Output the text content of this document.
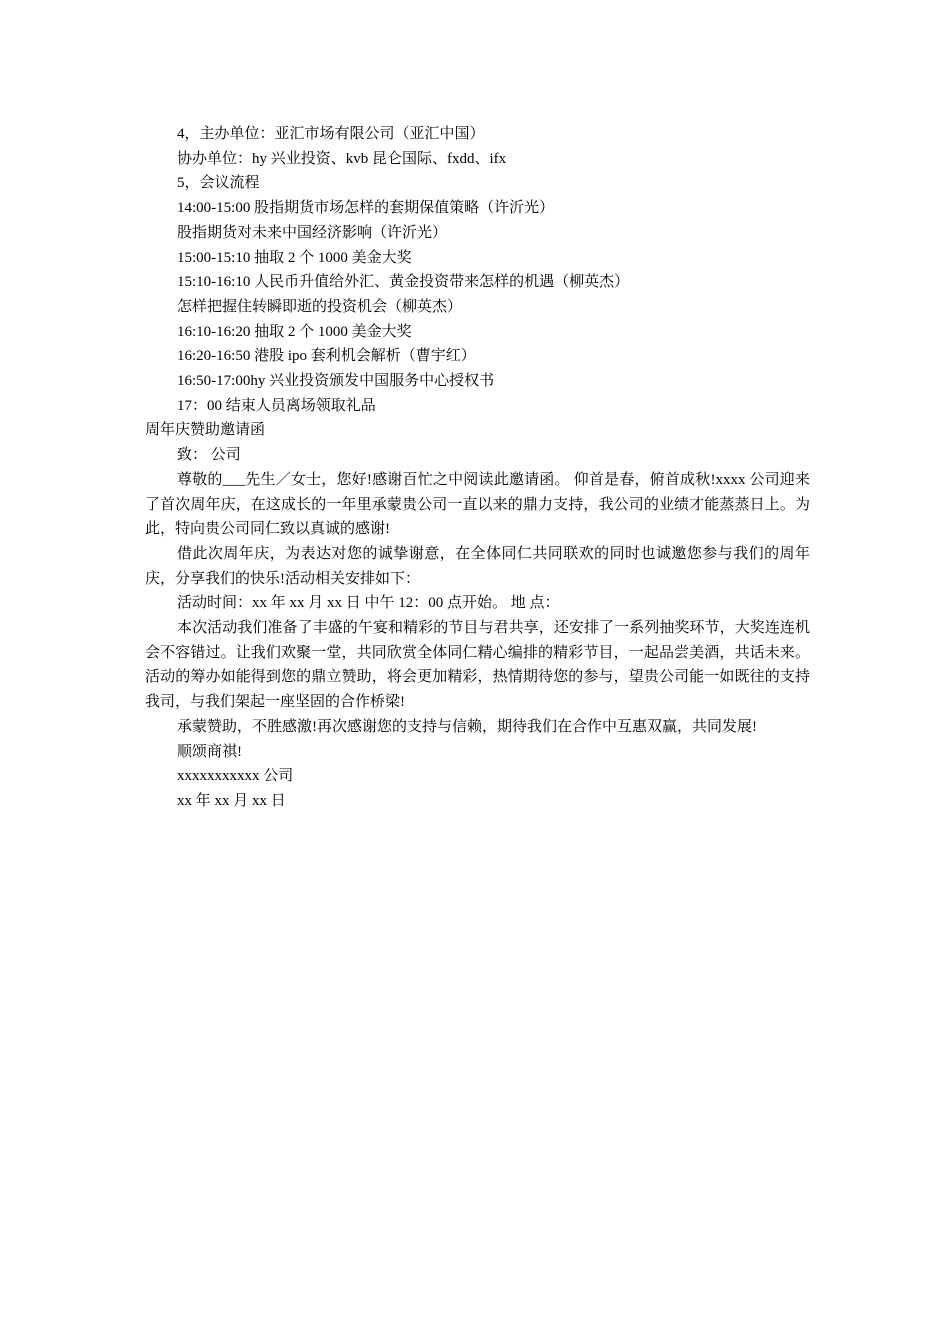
4，主办单位：亚汇市场有限公司（亚汇中国）

协办单位：hy 兴业投资、kvb 昆仑国际、fxdd、ifx

5，会议流程

14:00-15:00 股指期货市场怎样的套期保值策略（许沂光）

股指期货对未来中国经济影响（许沂光）

15:00-15:10 抽取 2 个 1000 美金大奖

15:10-16:10 人民币升值给外汇、黄金投资带来怎样的机遇（柳英杰）

怎样把握住转瞬即逝的投资机会（柳英杰）

16:10-16:20 抽取 2 个 1000 美金大奖

16:20-16:50 港股 ipo 套利机会解析（曹宇红）

16:50-17:00hy 兴业投资颁发中国服务中心授权书

17：00 结束人员离场领取礼品

周年庆赞助邀请函

致： 公司

尊敬的___先生／女士，您好!感谢百忙之中阅读此邀请函。 仰首是春，俯首成秋!xxxx 公司迎来了首次周年庆，在这成长的一年里承蒙贵公司一直以来的鼎力支持，我公司的业绩才能蒸蒸日上。为此，特向贵公司同仁致以真诚的感谢!

借此次周年庆，为表达对您的诚挚谢意，在全体同仁共同联欢的同时也诚邀您参与我们的周年庆，分享我们的快乐!活动相关安排如下：

活动时间：xx 年 xx 月 xx 日 中午 12：00 点开始。 地 点：

本次活动我们准备了丰盛的午宴和精彩的节目与君共享，还安排了一系列抽奖环节，大奖连连机会不容错过。让我们欢聚一堂，共同欣赏全体同仁精心编排的精彩节目，一起品尝美酒，共话未来。活动的筹办如能得到您的鼎立赞助，将会更加精彩，热情期待您的参与，望贵公司能一如既往的支持我司，与我们架起一座坚固的合作桥梁!

承蒙赞助，不胜感激!再次感谢您的支持与信赖，期待我们在合作中互惠双赢，共同发展!

顺颂商祺!

xxxxxxxxxxx 公司

xx 年 xx 月 xx 日
